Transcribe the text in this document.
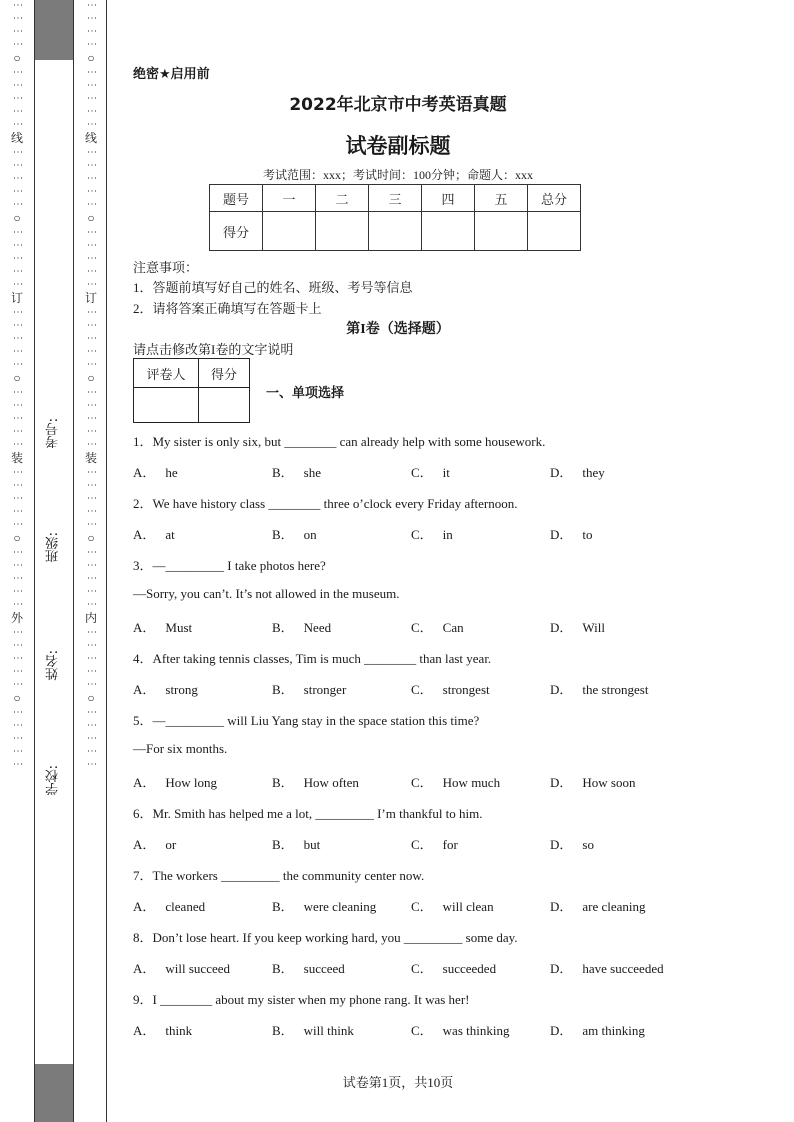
⋮
⋮
⋮
⋮
○
⋮
⋮
⋮
⋮
⋮
线
⋮
⋮
⋮
⋮
⋮
○
⋮
⋮
⋮
⋮
⋮
订
⋮
⋮
⋮
⋮
⋮
○
⋮
⋮
⋮
⋮
⋮
装
⋮
⋮
⋮
⋮
⋮
○
⋮
⋮
⋮
⋮
⋮
外
⋮
⋮
⋮
⋮
⋮
○
⋮
⋮
⋮
⋮
⋮
考号:
班级:
姓名:
学校:
⋮
⋮
⋮
⋮
○
⋮
⋮
⋮
⋮
⋮
线
⋮
⋮
⋮
⋮
⋮
○
⋮
⋮
⋮
⋮
⋮
订
⋮
⋮
⋮
⋮
⋮
○
⋮
⋮
⋮
⋮
⋮
装
⋮
⋮
⋮
⋮
⋮
○
⋮
⋮
⋮
⋮
⋮
内
⋮
⋮
⋮
⋮
⋮
○
⋮
⋮
⋮
⋮
⋮
绝密★启用前
2022年北京市中考英语真题
试卷副标题
考试范围：xxx；考试时间：100分钟；命题人：xxx
题号	一	二	三	四	五	总分
得分						
注意事项：
1．答题前填写好自己的姓名、班级、考号等信息
2．请将答案正确填写在答题卡上
第I卷（选择题）
请点击修改第I卷的文字说明
评卷人	得分

一、单项选择
1．My sister is only six, but ________ can already help with some housework.
A． he	B． she	C． it	D． they
2．We have history class ________ three o’clock every Friday afternoon.
A． at	B． on	C． in	D． to
3．—_________ I take photos here?
—Sorry, you can’t. It’s not allowed in the museum.
A． Must	B． Need	C． Can	D． Will
4．After taking tennis classes, Tim is much ________ than last year.
A． strong	B． stronger	C． strongest	D． the strongest
5．—_________ will Liu Yang stay in the space station this time?
—For six months.
A． How long	B． How often	C． How much	D． How soon
6．Mr. Smith has helped me a lot, _________ I’m thankful to him.
A． or	B． but	C． for	D． so
7．The workers _________ the community center now.
A． cleaned	B． were cleaning	C． will clean	D． are cleaning
8．Don’t lose heart. If you keep working hard, you _________ some day.
A． will succeed	B． succeed	C． succeeded	D． have succeeded
9．I ________ about my sister when my phone rang. It was her!
A． think	B． will think	C． was thinking	D． am thinking
试卷第1页，共10页
